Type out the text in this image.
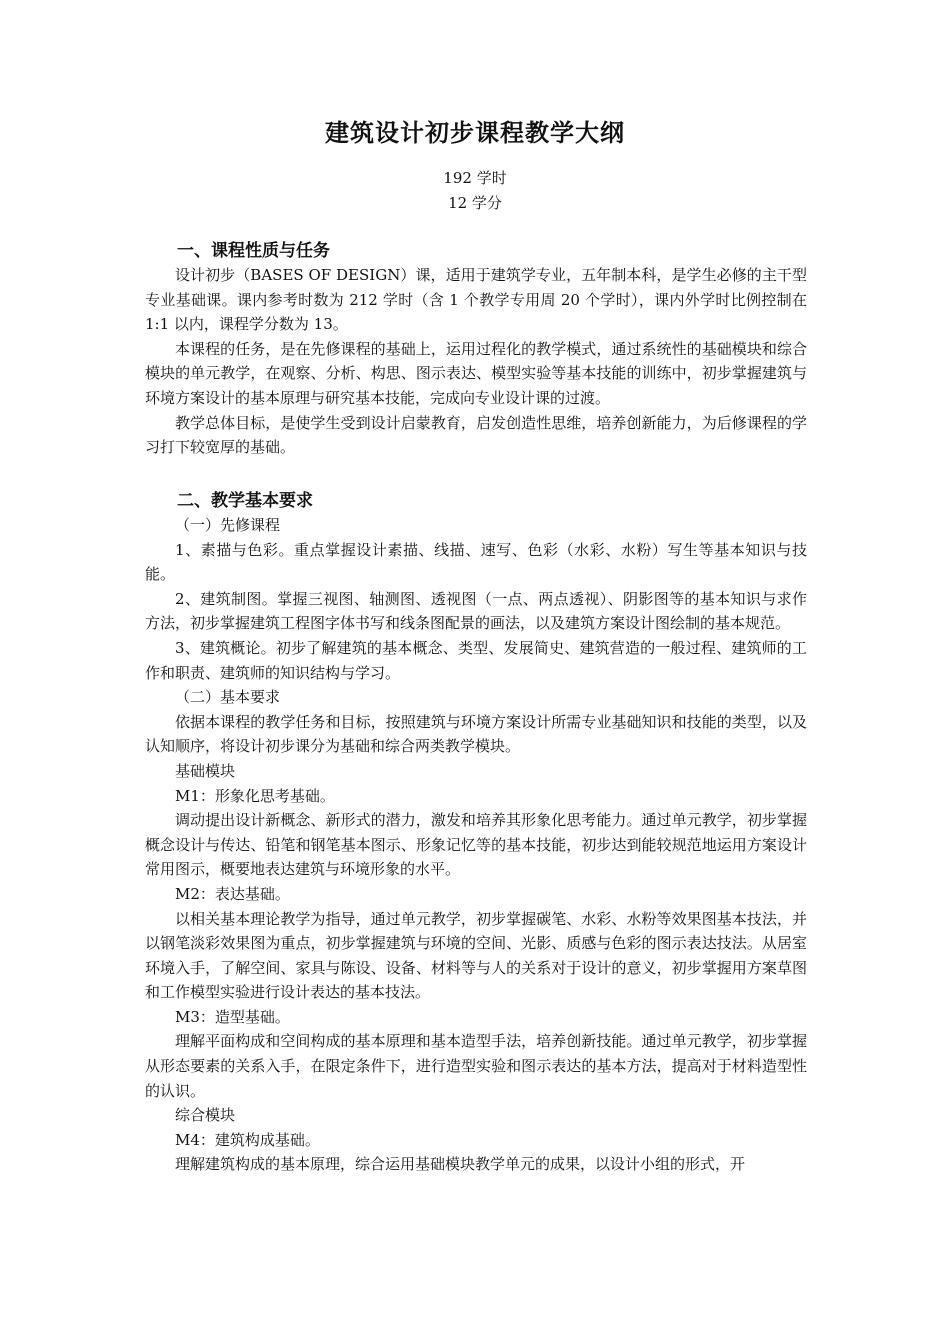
建筑设计初步课程教学大纲
192 学时
12 学分
一、课程性质与任务

设计初步（BASES OF DESIGN）课，适用于建筑学专业，五年制本科，是学生必修的主干型专业基础课。课内参考时数为 212 学时（含 1 个教学专用周 20 个学时），课内外学时比例控制在 1:1 以内，课程学分数为 13。

本课程的任务，是在先修课程的基础上，运用过程化的教学模式，通过系统性的基础模块和综合模块的单元教学，在观察、分析、构思、图示表达、模型实验等基本技能的训练中，初步掌握建筑与环境方案设计的基本原理与研究基本技能，完成向专业设计课的过渡。

教学总体目标，是使学生受到设计启蒙教育，启发创造性思维，培养创新能力，为后修课程的学习打下较宽厚的基础。

二、教学基本要求

（一）先修课程

1、素描与色彩。重点掌握设计素描、线描、速写、色彩（水彩、水粉）写生等基本知识与技能。

2、建筑制图。掌握三视图、轴测图、透视图（一点、两点透视）、阴影图等的基本知识与求作方法，初步掌握建筑工程图字体书写和线条图配景的画法，以及建筑方案设计图绘制的基本规范。

3、建筑概论。初步了解建筑的基本概念、类型、发展简史、建筑营造的一般过程、建筑师的工作和职责、建筑师的知识结构与学习。

（二）基本要求

依据本课程的教学任务和目标，按照建筑与环境方案设计所需专业基础知识和技能的类型，以及认知顺序，将设计初步课分为基础和综合两类教学模块。

基础模块

M1：形象化思考基础。

调动提出设计新概念、新形式的潜力，激发和培养其形象化思考能力。通过单元教学，初步掌握概念设计与传达、铅笔和钢笔基本图示、形象记忆等的基本技能，初步达到能较规范地运用方案设计常用图示，概要地表达建筑与环境形象的水平。

M2：表达基础。

以相关基本理论教学为指导，通过单元教学，初步掌握碳笔、水彩、水粉等效果图基本技法，并以钢笔淡彩效果图为重点，初步掌握建筑与环境的空间、光影、质感与色彩的图示表达技法。从居室环境入手，了解空间、家具与陈设、设备、材料等与人的关系对于设计的意义，初步掌握用方案草图和工作模型实验进行设计表达的基本技法。

M3：造型基础。

理解平面构成和空间构成的基本原理和基本造型手法，培养创新技能。通过单元教学，初步掌握从形态要素的关系入手，在限定条件下，进行造型实验和图示表达的基本方法，提高对于材料造型性的认识。

综合模块

M4：建筑构成基础。

理解建筑构成的基本原理，综合运用基础模块教学单元的成果，以设计小组的形式，开
